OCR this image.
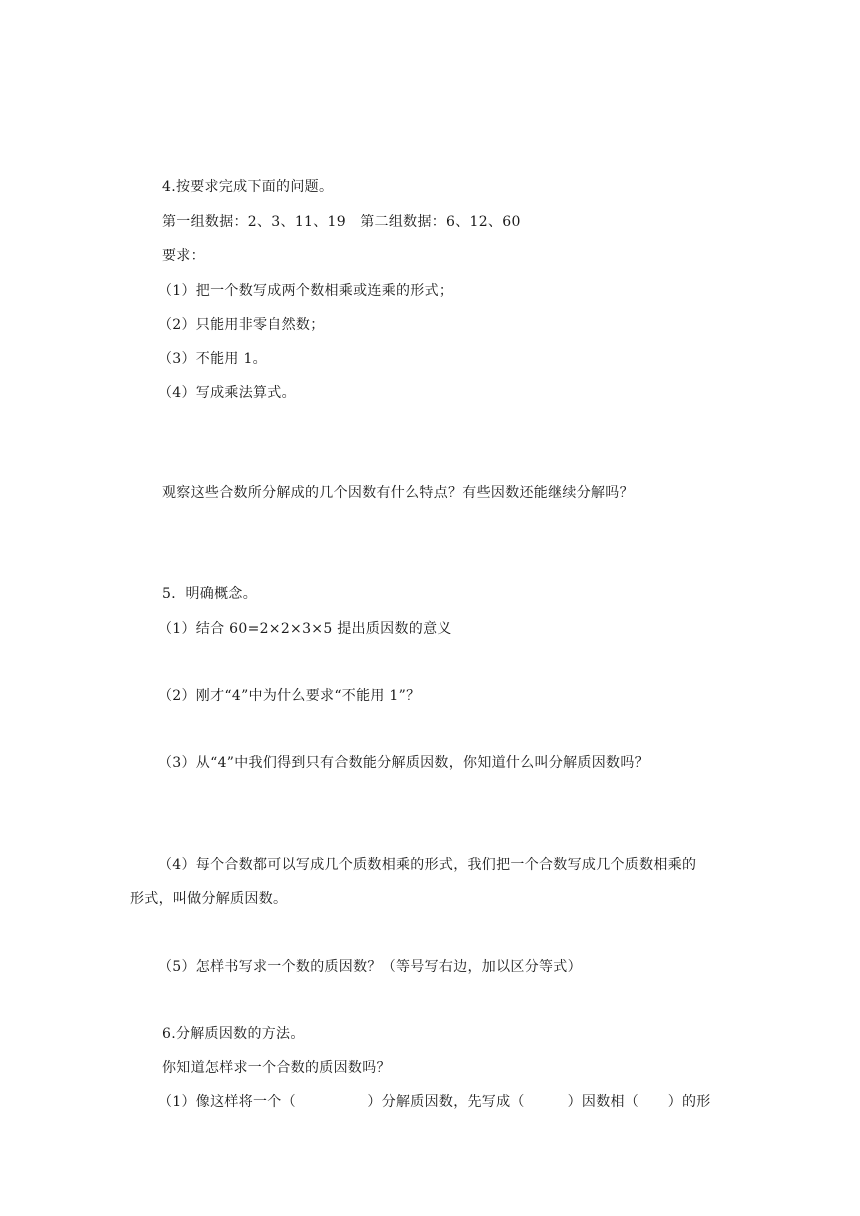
4.按要求完成下面的问题。
第一组数据：2、3、11、19　第二组数据：6、12、60
要求：
（1）把一个数写成两个数相乘或连乘的形式；
（2）只能用非零自然数；
（3）不能用 1。
（4）写成乘法算式。
观察这些合数所分解成的几个因数有什么特点？有些因数还能继续分解吗？
5．明确概念。
（1）结合 60=2×2×3×5 提出质因数的意义
（2）刚才“4”中为什么要求“不能用 1”？
（3）从“4”中我们得到只有合数能分解质因数，你知道什么叫分解质因数吗？
（4）每个合数都可以写成几个质数相乘的形式，我们把一个合数写成几个质数相乘的
形式，叫做分解质因数。
（5）怎样书写求一个数的质因数？（等号写右边，加以区分等式）
6.分解质因数的方法。
你知道怎样求一个合数的质因数吗？
（1）像这样将一个（　　　　　）分解质因数，先写成（　　　）因数相（　　）的形
